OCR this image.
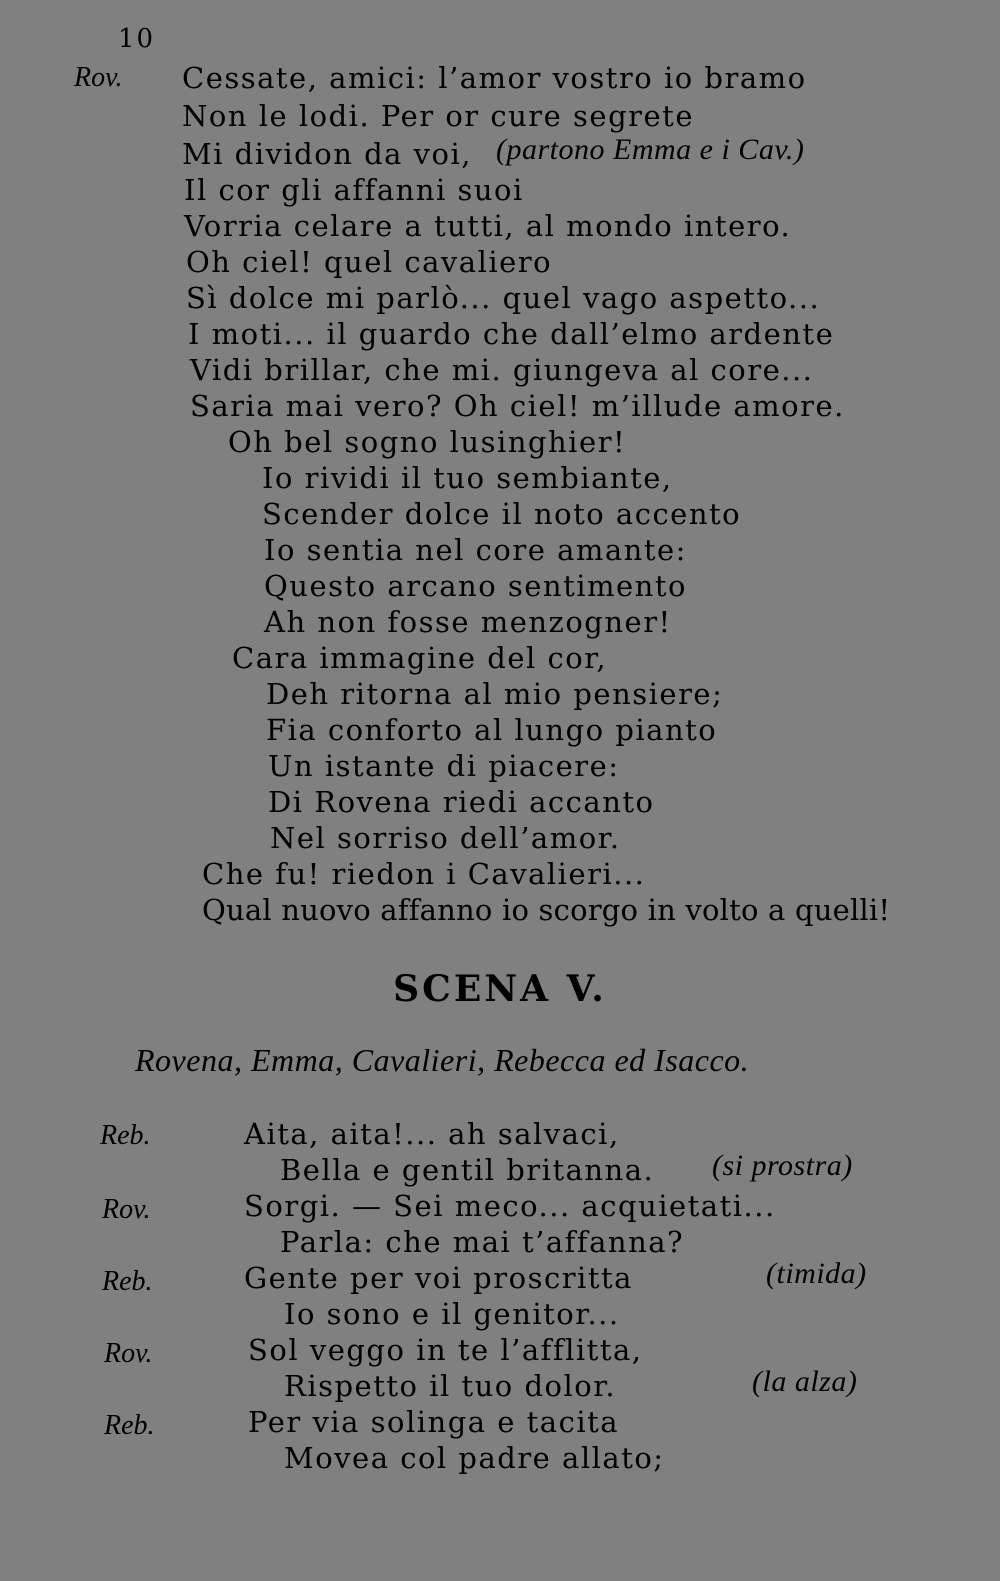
10
Rov. Cessate, amici: l’amor vostro io bramo
Non le lodi. Per or cure segrete
Mi dividon da voi, (partono Emma e i Cav.)
Il cor gli affanni suoi
Vorria celare a tutti, al mondo intero.
Oh ciel! quel cavaliero
Sì dolce mi parlò... quel vago aspetto...
I moti... il guardo che dall’elmo ardente
Vidi brillar, che mi. giungeva al core...
Saria mai vero? Oh ciel! m’illude amore.
Oh bel sogno lusinghier!
Io rividi il tuo sembiante,
Scender dolce il noto accento
Io sentia nel core amante:
Questo arcano sentimento
Ah non fosse menzogner!
Cara immagine del cor,
Deh ritorna al mio pensiere;
Fia conforto al lungo pianto
Un istante di piacere:
Di Rovena riedi accanto
Nel sorriso dell’amor.
Che fu! riedon i Cavalieri...
Qual nuovo affanno io scorgo in volto a quelli!
SCENA V.
Rovena, Emma, Cavalieri, Rebecca ed Isacco.
Reb.	Aita, aita!... ah salvaci,
Bella e gentil britanna. (si prostra)
Rov.	Sorgi. — Sei meco... acquietati...
Parla: che mai t’affanna?
Reb.	Gente per voi proscritta	(timida)
Io sono e il genitor...
Rov.	Sol veggo in te l’afflitta,
Rispetto il tuo dolor.	(la alza)
Reb.	Per via solinga e tacita
Movea col padre allato;
